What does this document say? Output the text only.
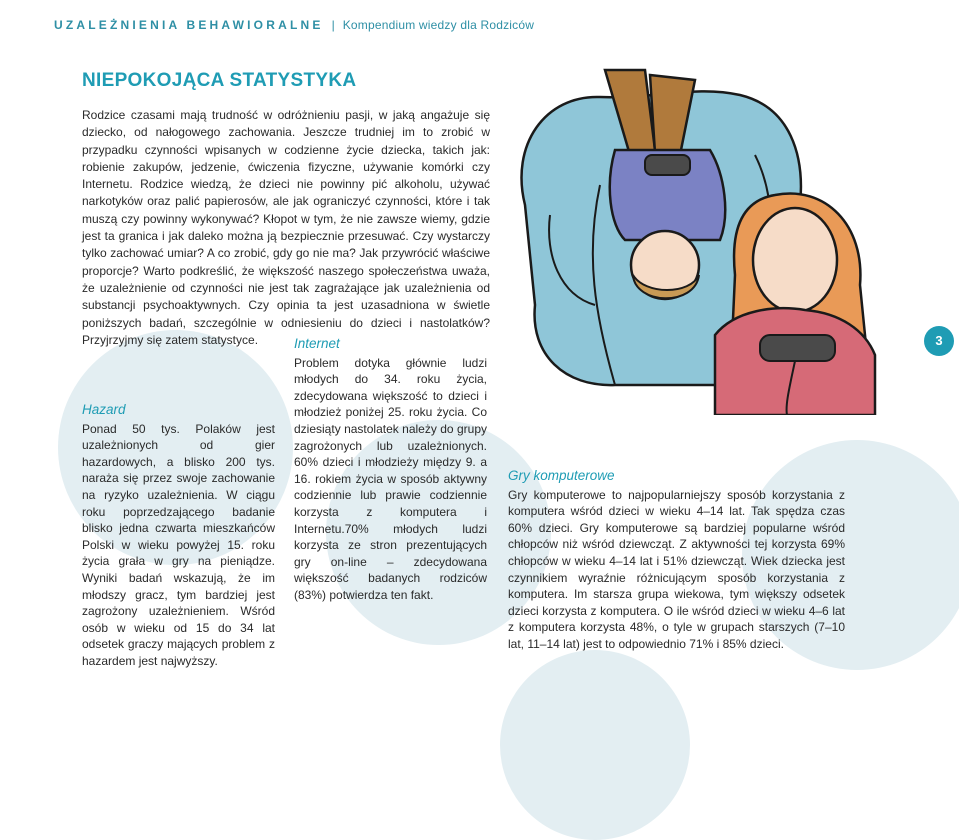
UZALEŻNIENIA BEHAWIORALNE | Kompendium wiedzy dla Rodziców
NIEPOKOJĄCA STATYSTYKA
Rodzice czasami mają trudność w odróżnieniu pasji, w jaką angażuje się dziecko, od nałogowego zachowania. Jeszcze trudniej im to zrobić w przypadku czynności wpisanych w codzienne życie dziecka, takich jak: robienie zakupów, jedzenie, ćwiczenia fizyczne, używanie komórki czy Internetu. Rodzice wiedzą, że dzieci nie powinny pić alkoholu, używać narkotyków oraz palić papierosów, ale jak ograniczyć czynności, które i tak muszą czy powinny wykonywać? Kłopot w tym, że nie zawsze wiemy, gdzie jest ta granica i jak daleko można ją bezpiecznie przesuwać. Czy wystarczy tylko zachować umiar? A co zrobić, gdy go nie ma? Jak przywrócić właściwe proporcje? Warto podkreślić, że większość naszego społeczeństwa uważa, że uzależnienie od czynności nie jest tak zagrażające jak uzależnienia od substancji psychoaktywnych. Czy opinia ta jest uzasadniona w świetle poniższych badań, szczególnie w odniesieniu do dzieci i nastolatków? Przyjrzyjmy się zatem statystyce.
Hazard
Ponad 50 tys. Polaków jest uzależnionych od gier hazardowych, a blisko 200 tys. naraża się przez swoje zachowanie na ryzyko uzależnienia. W ciągu roku poprzedzającego badanie blisko jedna czwarta mieszkańców Polski w wieku powyżej 15. roku życia grała w gry na pieniądze. Wyniki badań wskazują, że im młodszy gracz, tym bardziej jest zagrożony uzależnieniem. Wśród osób w wieku od 15 do 34 lat odsetek graczy mających problem z hazardem jest najwyższy.
Internet
Problem dotyka głównie ludzi młodych do 34. roku życia, zdecydowana większość to dzieci i młodzież poniżej 25. roku życia. Co dziesiąty nastolatek należy do grupy zagrożonych lub uzależnionych. 60% dzieci i młodzieży między 9. a 16. rokiem życia w sposób aktywny codziennie lub prawie codziennie korzysta z komputera i Internetu.70% młodych ludzi korzysta ze stron prezentujących gry on-line – zdecydowana większość badanych rodziców (83%) potwierdza ten fakt.
Gry komputerowe
Gry komputerowe to najpopularniejszy sposób korzystania z komputera wśród dzieci w wieku 4–14 lat. Tak spędza czas 60% dzieci. Gry komputerowe są bardziej popularne wśród chłopców niż wśród dziewcząt. Z aktywności tej korzysta 69% chłopców w wieku 4–14 lat i 51% dziewcząt. Wiek dziecka jest czynnikiem wyraźnie różnicującym sposób korzystania z komputera. Im starsza grupa wiekowa, tym większy odsetek dzieci korzysta z komputera. O ile wśród dzieci w wieku 4–6 lat z komputera korzysta 48%, o tyle w grupach starszych (7–10 lat, 11–14 lat) jest to odpowiednio 71% i 85% dzieci.
3
